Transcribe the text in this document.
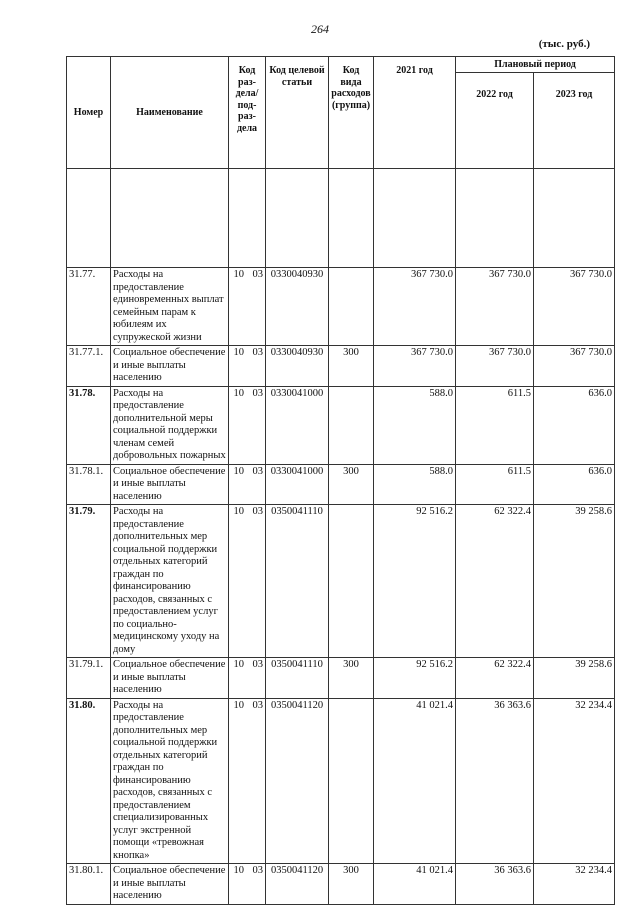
264
(тыс. руб.)
Номер	Наименование	Код раз-дела/ под-раз-дела		Код целевой статьи	Код вида расходов (группа)	2021 год	Плановый период	
							2022 год	2023 год

31.77.	Расходы на предоставление единовременных выплат семейным парам к юбилеям их супружеской жизни	10	03	0330040930		367 730.0	367 730.0	367 730.0
31.77.1.	Социальное обеспечение и иные выплаты населению	10	03	0330040930	300	367 730.0	367 730.0	367 730.0
31.78.	Расходы на предоставление дополнительной меры социальной поддержки членам семей добровольных пожарных	10	03	0330041000		588.0	611.5	636.0
31.78.1.	Социальное обеспечение и иные выплаты населению	10	03	0330041000	300	588.0	611.5	636.0
31.79.	Расходы на предоставление дополнительных мер социальной поддержки отдельных категорий граждан по финансированию расходов, связанных с предоставлением услуг по социально-медицинскому уходу на дому	10	03	0350041110		92 516.2	62 322.4	39 258.6
31.79.1.	Социальное обеспечение и иные выплаты населению	10	03	0350041110	300	92 516.2	62 322.4	39 258.6
31.80.	Расходы на предоставление дополнительных мер социальной поддержки отдельных категорий граждан по финансированию расходов, связанных с предоставлением специализированных услуг экстренной помощи «тревожная кнопка»	10	03	0350041120		41 021.4	36 363.6	32 234.4
31.80.1.	Социальное обеспечение и иные выплаты населению	10	03	0350041120	300	41 021.4	36 363.6	32 234.4
